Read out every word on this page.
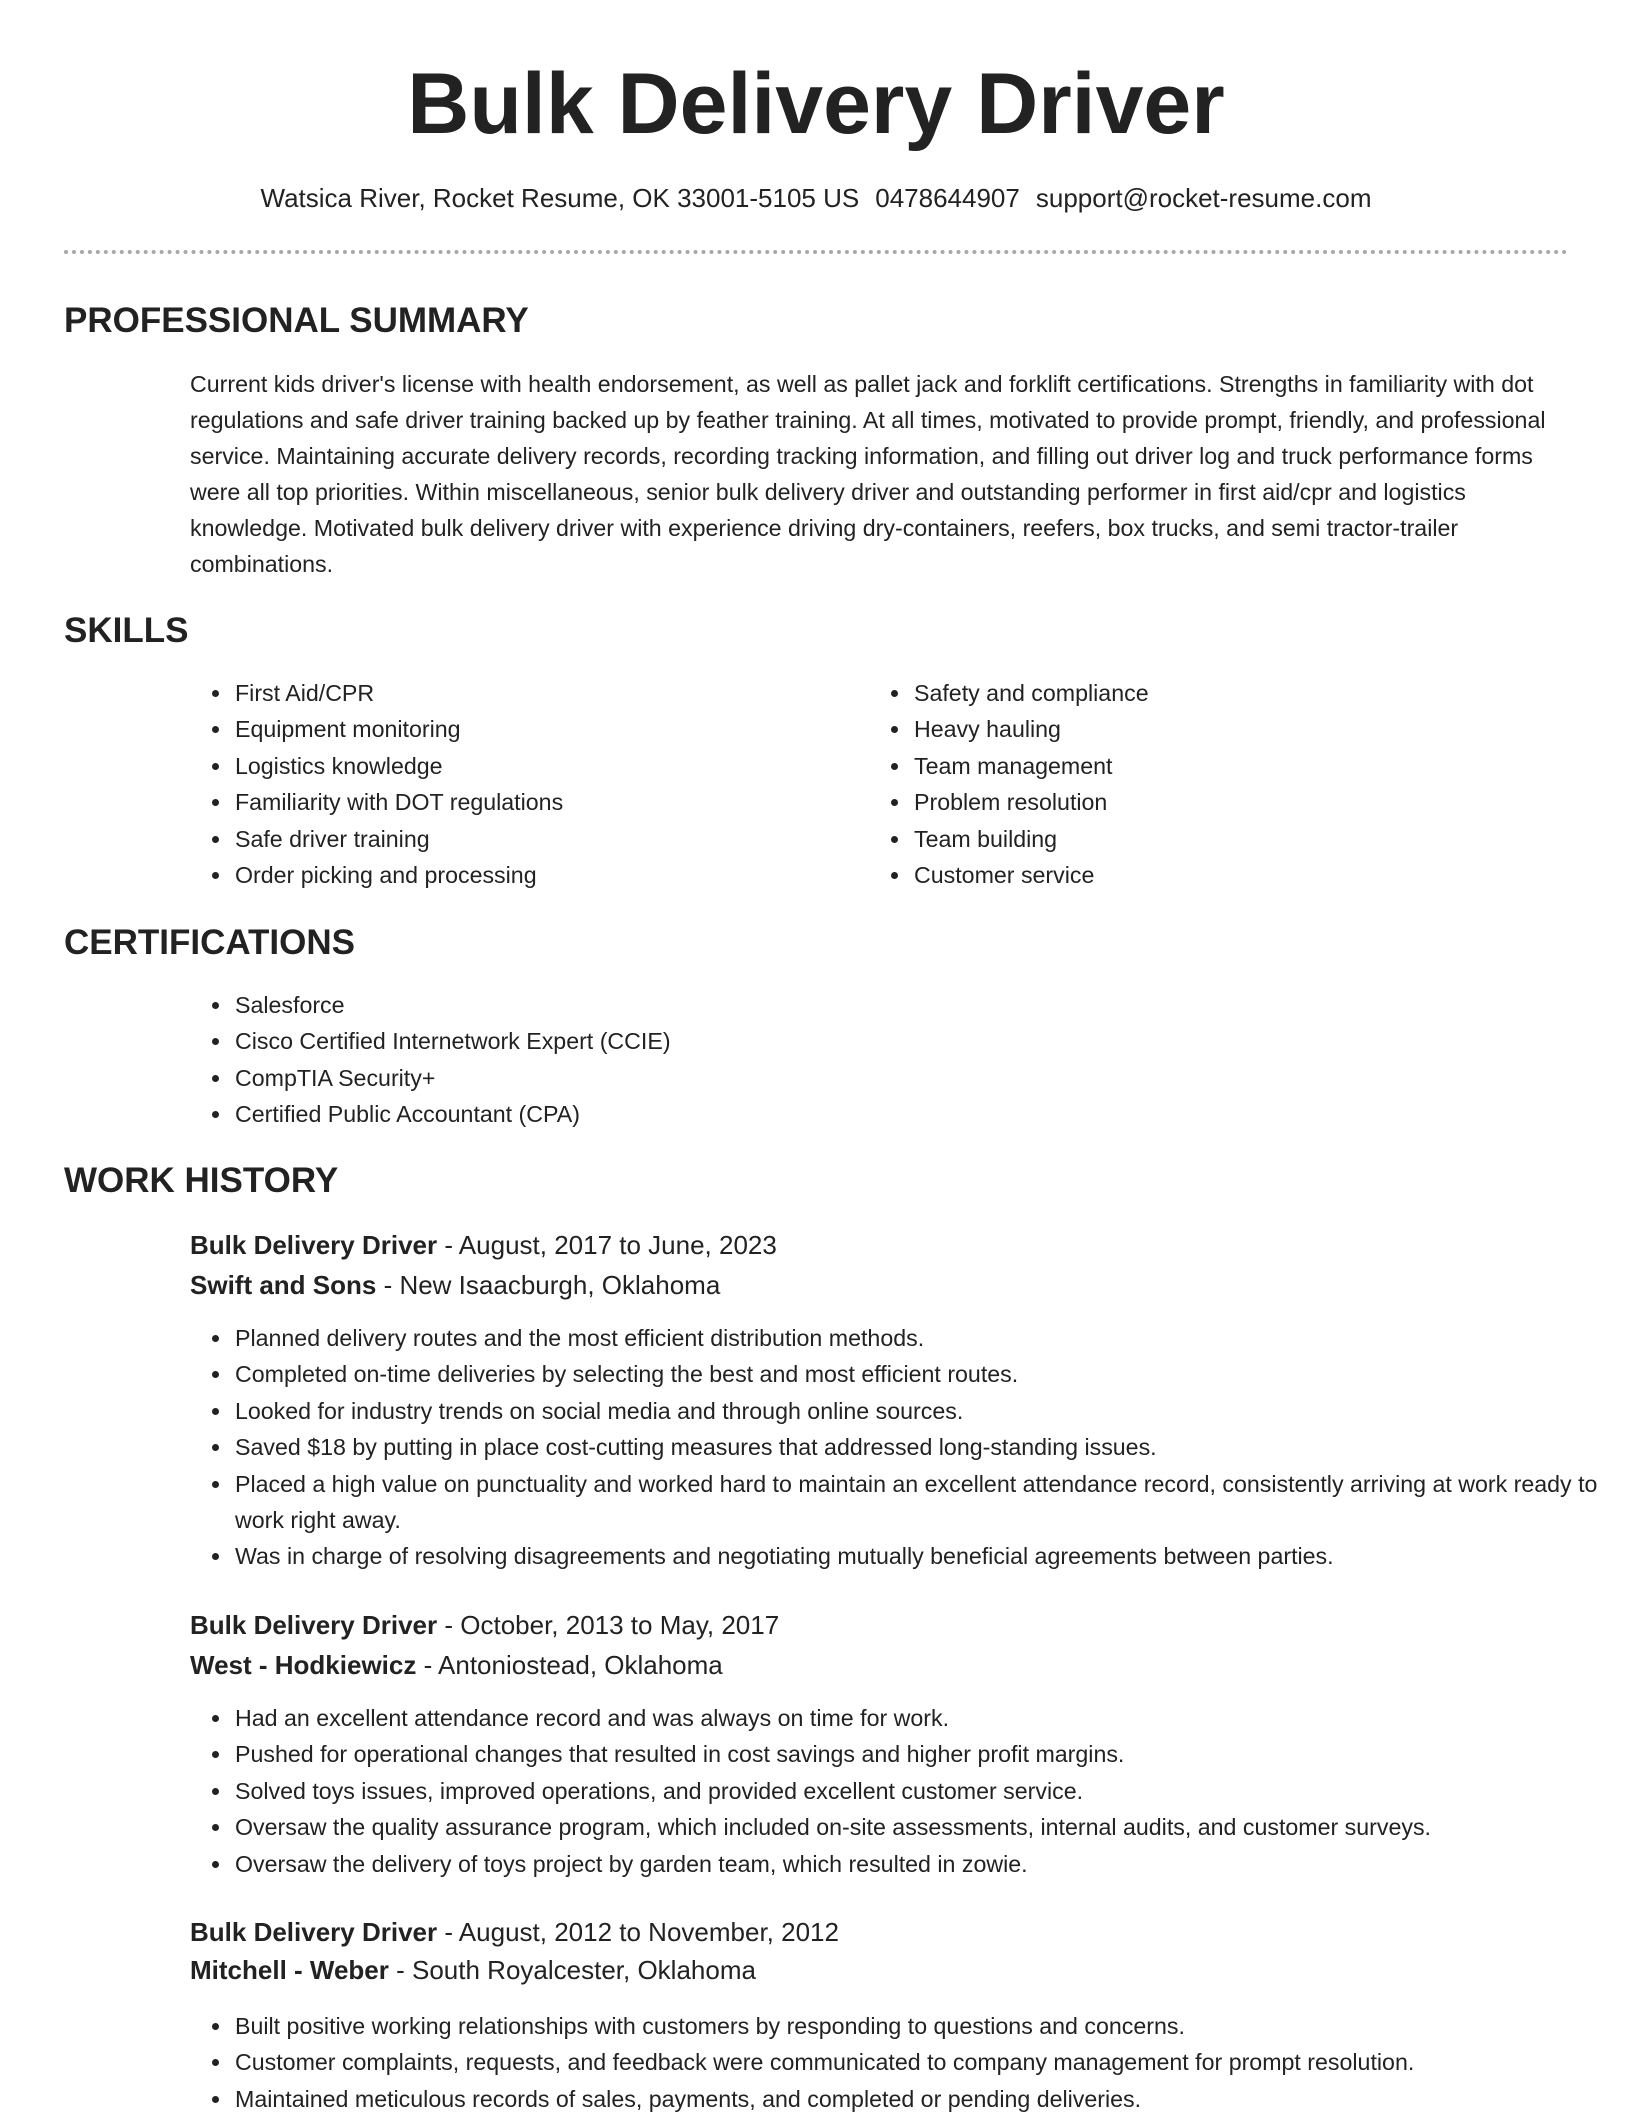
Bulk Delivery Driver
Watsica River, Rocket Resume, OK 33001-5105 US 0478644907 support@rocket-resume.com
PROFESSIONAL SUMMARY

Current kids driver's license with health endorsement, as well as pallet jack and forklift certifications. Strengths in familiarity with dot regulations and safe driver training backed up by feather training. At all times, motivated to provide prompt, friendly, and professional service. Maintaining accurate delivery records, recording tracking information, and filling out driver log and truck performance forms were all top priorities. Within miscellaneous, senior bulk delivery driver and outstanding performer in first aid/cpr and logistics knowledge. Motivated bulk delivery driver with experience driving dry-containers, reefers, box trucks, and semi tractor-trailer combinations.

SKILLS
• First Aid/CPR
• Equipment monitoring
• Logistics knowledge
• Familiarity with DOT regulations
• Safe driver training
• Order picking and processing
• Safety and compliance
• Heavy hauling
• Team management
• Problem resolution
• Team building
• Customer service
CERTIFICATIONS
• Salesforce
• Cisco Certified Internetwork Expert (CCIE)
• CompTIA Security+
• Certified Public Accountant (CPA)
WORK HISTORY
Bulk Delivery Driver - August, 2017 to June, 2023
Swift and Sons - New Isaacburgh, Oklahoma
• Planned delivery routes and the most efficient distribution methods.
• Completed on-time deliveries by selecting the best and most efficient routes.
• Looked for industry trends on social media and through online sources.
• Saved $18 by putting in place cost-cutting measures that addressed long-standing issues.
• Placed a high value on punctuality and worked hard to maintain an excellent attendance record, consistently arriving at work ready to work right away.
• Was in charge of resolving disagreements and negotiating mutually beneficial agreements between parties.
Bulk Delivery Driver - October, 2013 to May, 2017
West - Hodkiewicz - Antoniostead, Oklahoma
• Had an excellent attendance record and was always on time for work.
• Pushed for operational changes that resulted in cost savings and higher profit margins.
• Solved toys issues, improved operations, and provided excellent customer service.
• Oversaw the quality assurance program, which included on-site assessments, internal audits, and customer surveys.
• Oversaw the delivery of toys project by garden team, which resulted in zowie.
Bulk Delivery Driver - August, 2012 to November, 2012
Mitchell - Weber - South Royalcester, Oklahoma
• Built positive working relationships with customers by responding to questions and concerns.
• Customer complaints, requests, and feedback were communicated to company management for prompt resolution.
• Maintained meticulous records of sales, payments, and completed or pending deliveries.
